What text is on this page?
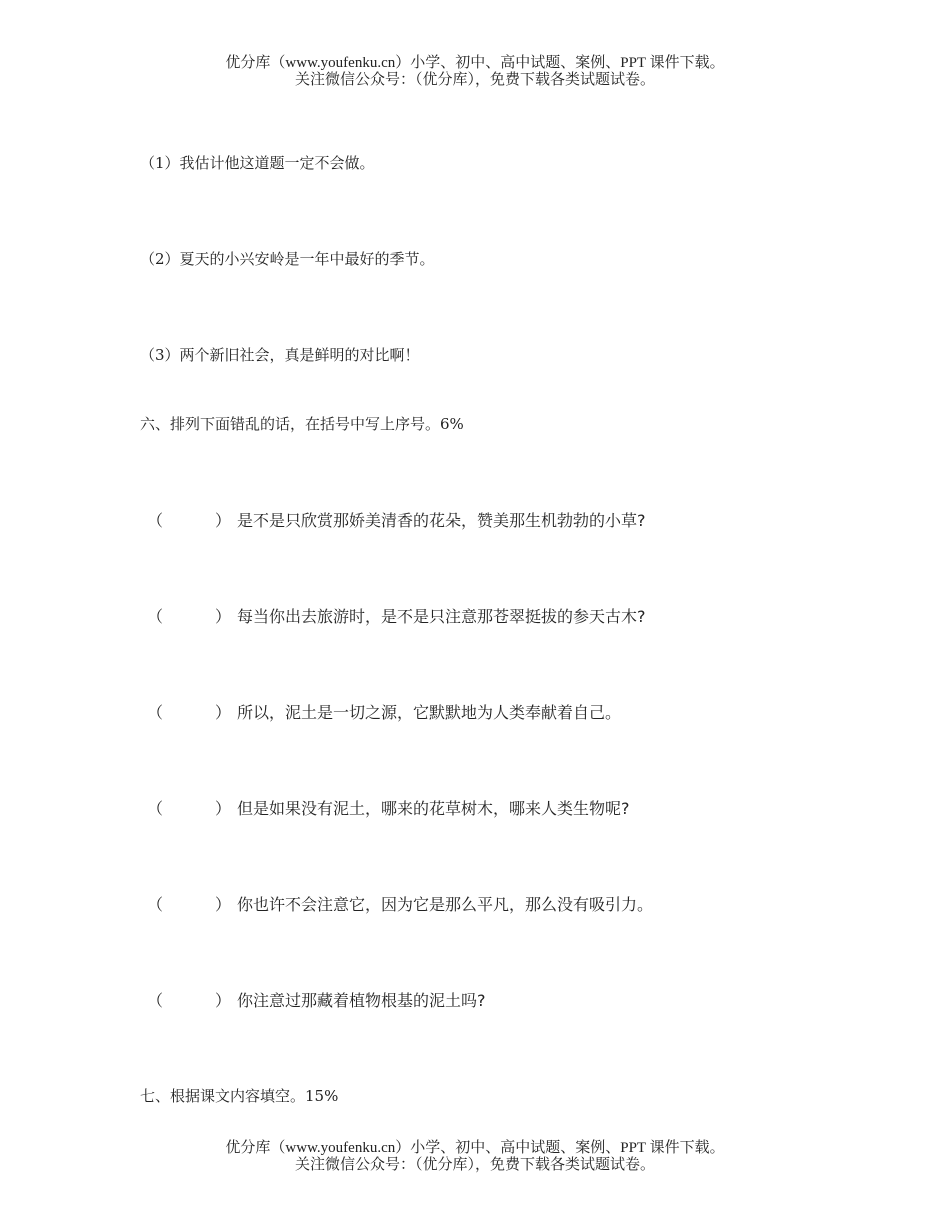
优分库（www.youfenku.cn）小学、初中、高中试题、案例、PPT 课件下载。
关注微信公众号：（优分库），免费下载各类试题试卷。
（1）我估计他这道题一定不会做。
（2）夏天的小兴安岭是一年中最好的季节。
（3）两个新旧社会，真是鲜明的对比啊！
六、排列下面错乱的话，在括号中写上序号。6%
（	） 是不是只欣赏那娇美清香的花朵，赞美那生机勃勃的小草?
（	） 每当你出去旅游时，是不是只注意那苍翠挺拔的参天古木?
（	） 所以，泥土是一切之源，它默默地为人类奉献着自己。
（	） 但是如果没有泥土，哪来的花草树木，哪来人类生物呢?
（	） 你也许不会注意它，因为它是那么平凡，那么没有吸引力。
（	） 你注意过那藏着植物根基的泥土吗?
七、根据课文内容填空。15%
优分库（www.youfenku.cn）小学、初中、高中试题、案例、PPT 课件下载。
关注微信公众号：（优分库），免费下载各类试题试卷。
